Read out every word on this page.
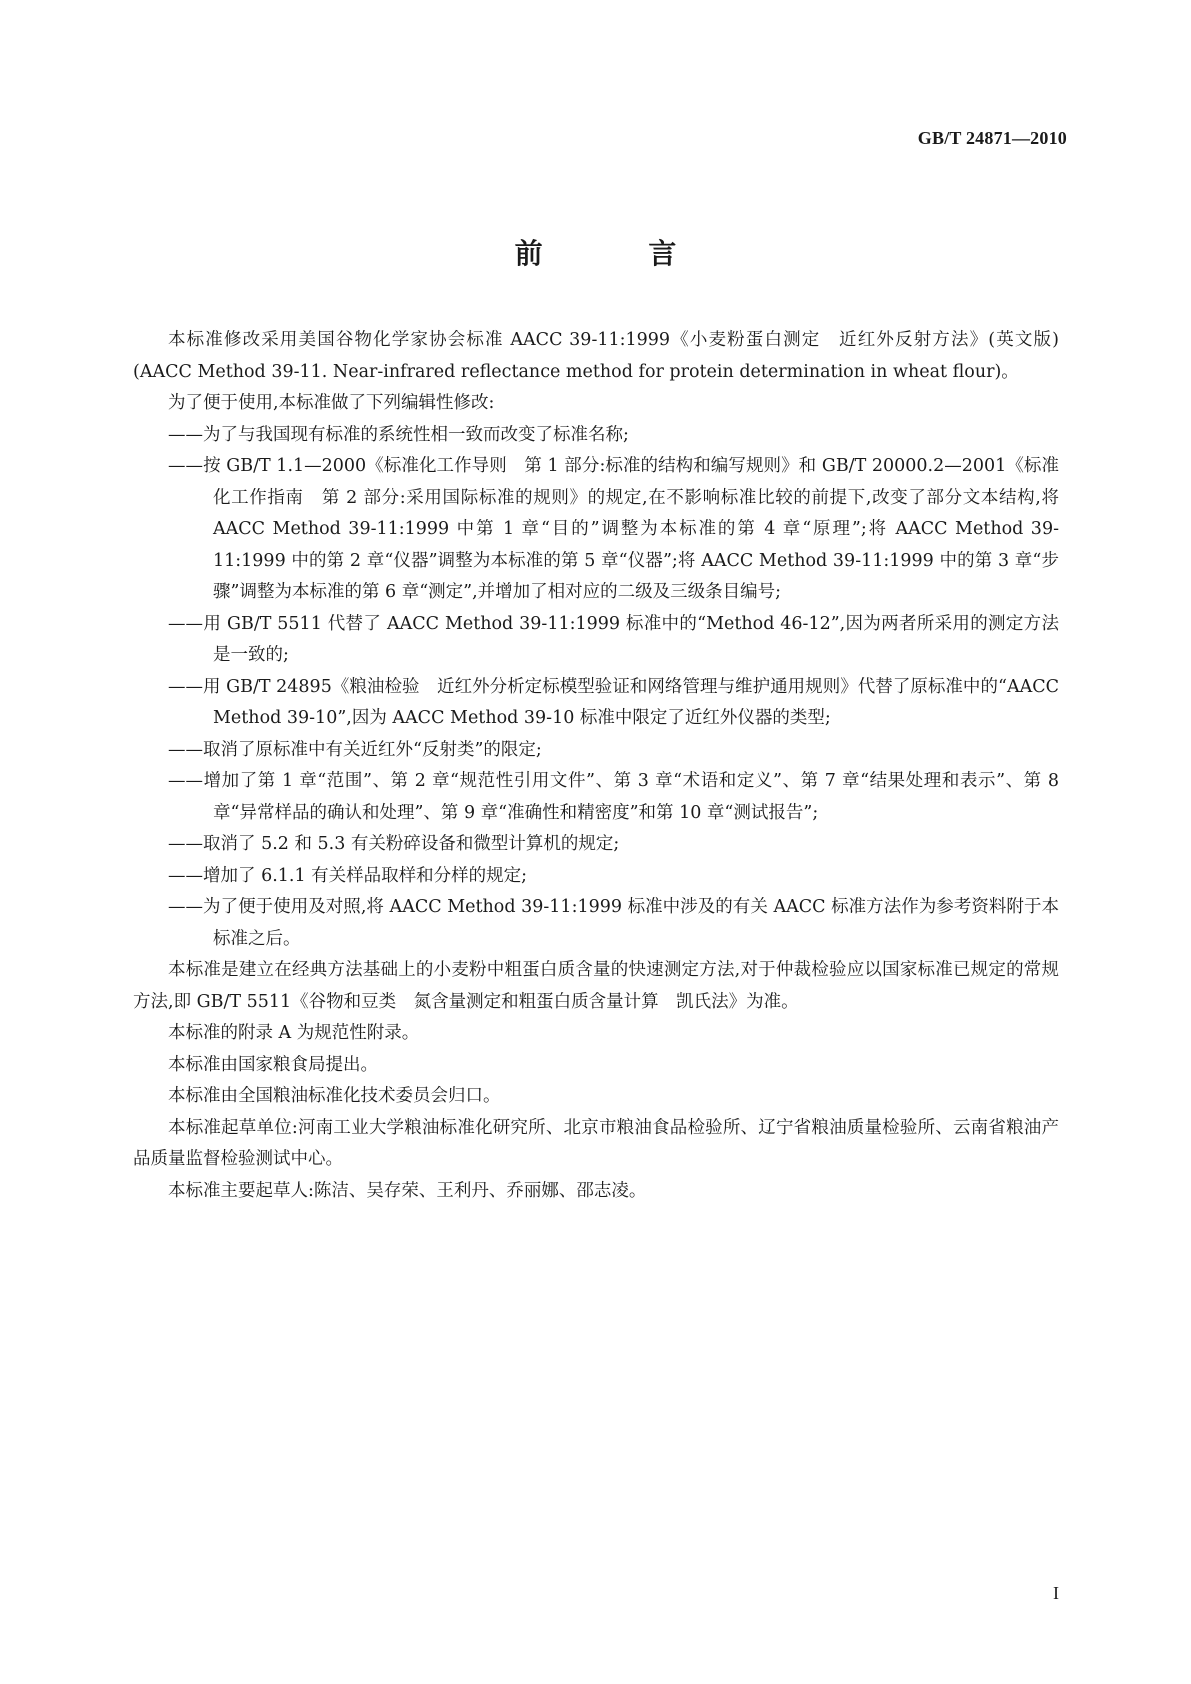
GB/T 24871—2010
前 言

本标准修改采用美国谷物化学家协会标准 AACC 39-11:1999《小麦粉蛋白测定　近红外反射方法》(英文版)(AACC Method 39-11. Near-infrared reflectance method for protein determination in wheat flour)。

为了便于使用,本标准做了下列编辑性修改:

——为了与我国现有标准的系统性相一致而改变了标准名称;
——按 GB/T 1.1—2000《标准化工作导则　第 1 部分:标准的结构和编写规则》和 GB/T 20000.2—2001《标准化工作指南　第 2 部分:采用国际标准的规则》的规定,在不影响标准比较的前提下,改变了部分文本结构,将 AACC Method 39-11:1999 中第 1 章“目的”调整为本标准的第 4 章“原理”;将 AACC Method 39-11:1999 中的第 2 章“仪器”调整为本标准的第 5 章“仪器”;将 AACC Method 39-11:1999 中的第 3 章“步骤”调整为本标准的第 6 章“测定”,并增加了相对应的二级及三级条目编号;
——用 GB/T 5511 代替了 AACC Method 39-11:1999 标准中的“Method 46-12”,因为两者所采用的测定方法是一致的;
——用 GB/T 24895《粮油检验　近红外分析定标模型验证和网络管理与维护通用规则》代替了原标准中的“AACC Method 39-10”,因为 AACC Method 39-10 标准中限定了近红外仪器的类型;
——取消了原标准中有关近红外“反射类”的限定;
——增加了第 1 章“范围”、第 2 章“规范性引用文件”、第 3 章“术语和定义”、第 7 章“结果处理和表示”、第 8 章“异常样品的确认和处理”、第 9 章“准确性和精密度”和第 10 章“测试报告”;
——取消了 5.2 和 5.3 有关粉碎设备和微型计算机的规定;
——增加了 6.1.1 有关样品取样和分样的规定;
——为了便于使用及对照,将 AACC Method 39-11:1999 标准中涉及的有关 AACC 标准方法作为参考资料附于本标准之后。

本标准是建立在经典方法基础上的小麦粉中粗蛋白质含量的快速测定方法,对于仲裁检验应以国家标准已规定的常规方法,即 GB/T 5511《谷物和豆类　氮含量测定和粗蛋白质含量计算　凯氏法》为准。

本标准的附录 A 为规范性附录。

本标准由国家粮食局提出。

本标准由全国粮油标准化技术委员会归口。

本标准起草单位:河南工业大学粮油标准化研究所、北京市粮油食品检验所、辽宁省粮油质量检验所、云南省粮油产品质量监督检验测试中心。

本标准主要起草人:陈洁、吴存荣、王利丹、乔丽娜、邵志凌。

I
